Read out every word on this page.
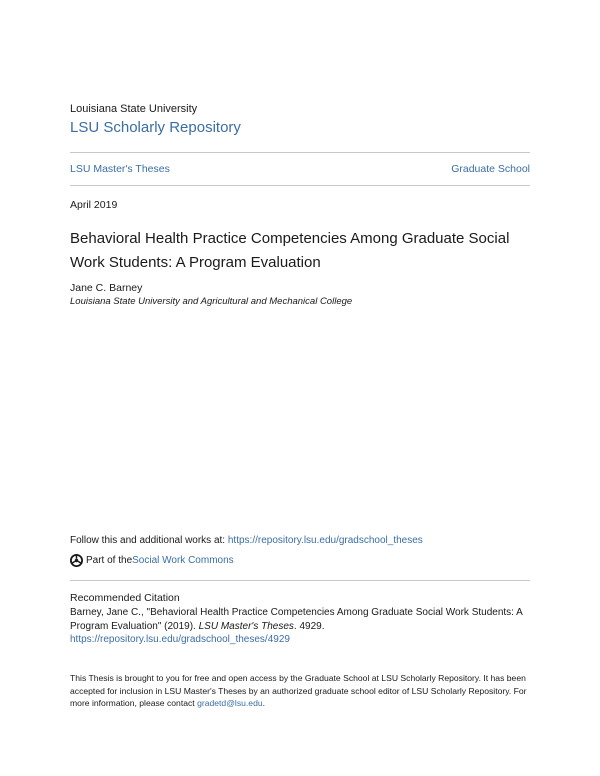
Louisiana State University
LSU Scholarly Repository
LSU Master's Theses	Graduate School
April 2019
Behavioral Health Practice Competencies Among Graduate Social Work Students: A Program Evaluation
Jane C. Barney
Louisiana State University and Agricultural and Mechanical College
Follow this and additional works at: https://repository.lsu.edu/gradschool_theses
Part of the Social Work Commons
Recommended Citation
Barney, Jane C., "Behavioral Health Practice Competencies Among Graduate Social Work Students: A Program Evaluation" (2019). LSU Master's Theses. 4929.
https://repository.lsu.edu/gradschool_theses/4929
This Thesis is brought to you for free and open access by the Graduate School at LSU Scholarly Repository. It has been accepted for inclusion in LSU Master's Theses by an authorized graduate school editor of LSU Scholarly Repository. For more information, please contact gradetd@lsu.edu.
